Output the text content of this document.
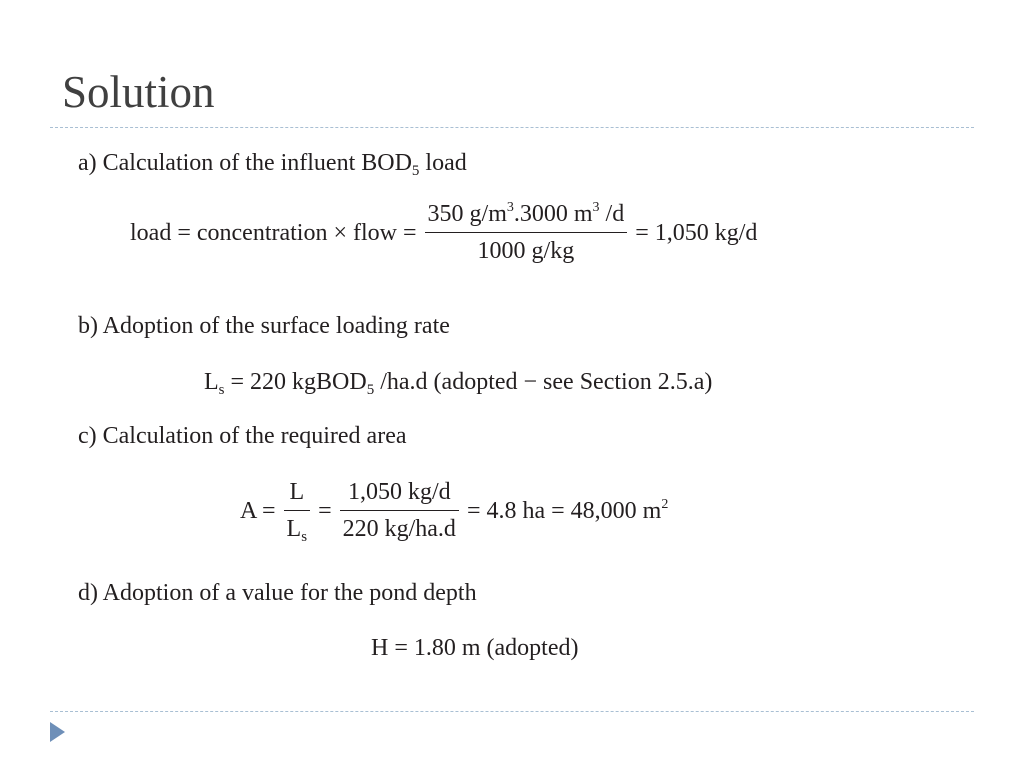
Solution
a) Calculation of the influent $BOD_5$ load
load = concentration × flow = $\frac{350 g/m^3.3000 m^3 /d}{1000 g/kg} = 1,050$ kg/d
b) Adoption of the surface loading rate
$L_s = 220$ kgBOD$_5$ /ha.d (adopted − see Section 2.5.a)
c) Calculation of the required area
$A = \frac{L}{L_s} = \frac{1,050 kg/d}{220 kg/ha.d} = 4.8$ ha = 48,000 $m^2$
d) Adoption of a value for the pond depth
H = 1.80 m (adopted)
